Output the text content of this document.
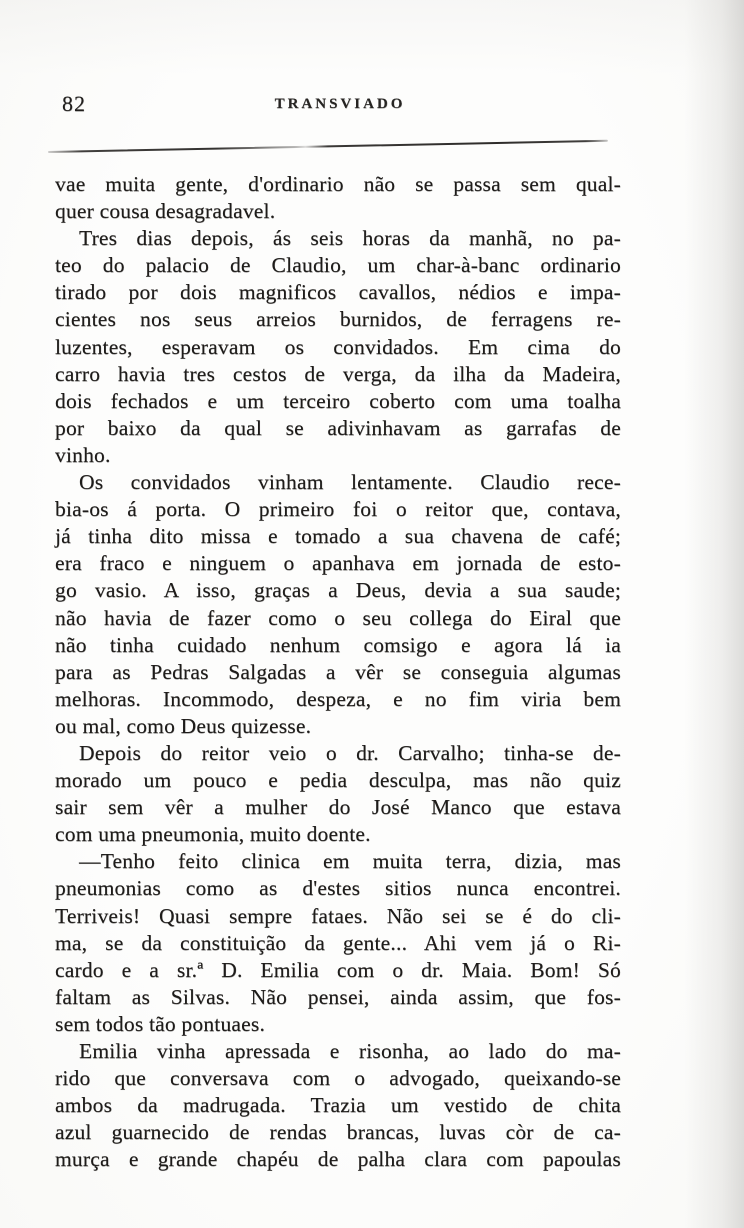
82	TRANSVIADO

vae muita gente, d'ordinario não se passa sem qual-
quer cousa desagradavel.

Tres dias depois, ás seis horas da manhã, no pa-
teo do palacio de Claudio, um char-à-banc ordinario
tirado por dois magnificos cavallos, nédios e impa-
cientes nos seus arreios burnidos, de ferragens re-
luzentes, esperavam os convidados. Em cima do
carro havia tres cestos de verga, da ilha da Madeira,
dois fechados e um terceiro coberto com uma toalha
por baixo da qual se adivinhavam as garrafas de
vinho.

Os convidados vinham lentamente. Claudio rece-
bia-os á porta. O primeiro foi o reitor que, contava,
já tinha dito missa e tomado a sua chavena de café;
era fraco e ninguem o apanhava em jornada de esto-
go vasio. A isso, graças a Deus, devia a sua saude;
não havia de fazer como o seu collega do Eiral que
não tinha cuidado nenhum comsigo e agora lá ia
para as Pedras Salgadas a vêr se conseguia algumas
melhoras. Incommodo, despeza, e no fim viria bem
ou mal, como Deus quizesse.

Depois do reitor veio o dr. Carvalho; tinha-se de-
morado um pouco e pedia desculpa, mas não quiz
sair sem vêr a mulher do José Manco que estava
com uma pneumonia, muito doente.

—Tenho feito clinica em muita terra, dizia, mas
pneumonias como as d'estes sitios nunca encontrei.
Terriveis! Quasi sempre fataes. Não sei se é do cli-
ma, se da constituição da gente... Ahi vem já o Ri-
cardo e a sr.ª D. Emilia com o dr. Maia. Bom! Só
faltam as Silvas. Não pensei, ainda assim, que fos-
sem todos tão pontuaes.

Emilia vinha apressada e risonha, ao lado do ma-
rido que conversava com o advogado, queixando-se
ambos da madrugada. Trazia um vestido de chita
azul guarnecido de rendas brancas, luvas còr de ca-
murça e grande chapéu de palha clara com papoulas
